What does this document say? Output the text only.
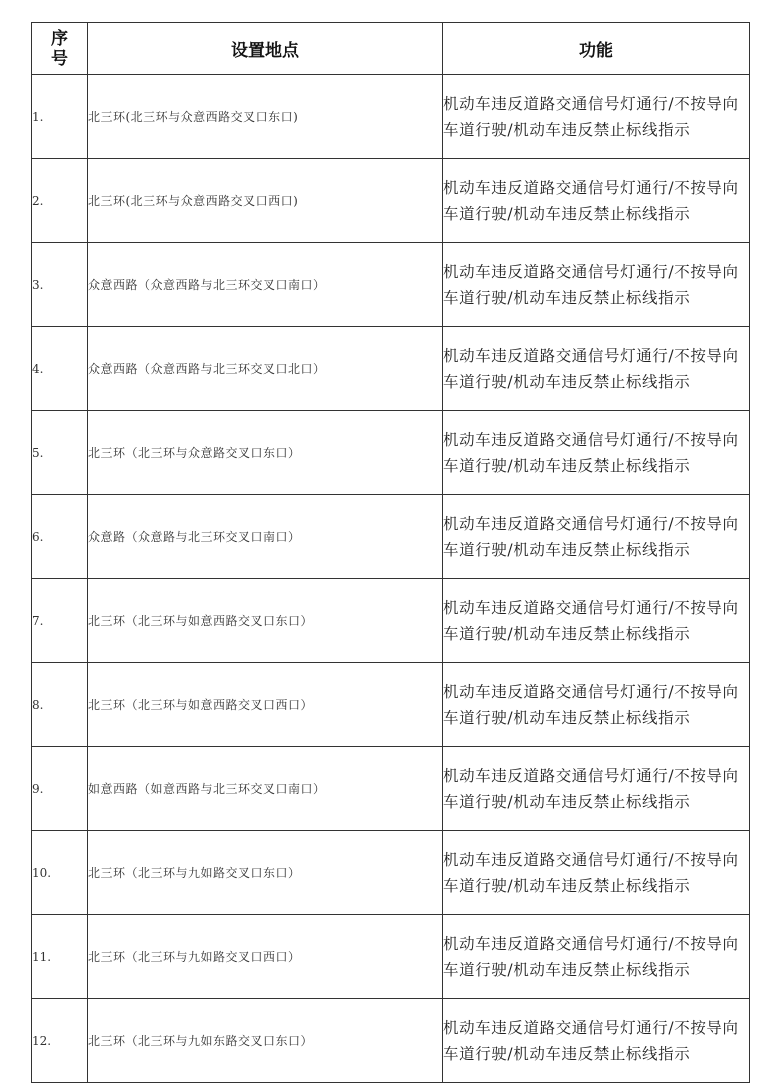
序号	设置地点	功能
1.	北三环(北三环与众意西路交叉口东口)	机动车违反道路交通信号灯通行/不按导向车道行驶/机动车违反禁止标线指示
2.	北三环(北三环与众意西路交叉口西口)	机动车违反道路交通信号灯通行/不按导向车道行驶/机动车违反禁止标线指示
3.	众意西路（众意西路与北三环交叉口南口）	机动车违反道路交通信号灯通行/不按导向车道行驶/机动车违反禁止标线指示
4.	众意西路（众意西路与北三环交叉口北口）	机动车违反道路交通信号灯通行/不按导向车道行驶/机动车违反禁止标线指示
5.	北三环（北三环与众意路交叉口东口）	机动车违反道路交通信号灯通行/不按导向车道行驶/机动车违反禁止标线指示
6.	众意路（众意路与北三环交叉口南口）	机动车违反道路交通信号灯通行/不按导向车道行驶/机动车违反禁止标线指示
7.	北三环（北三环与如意西路交叉口东口）	机动车违反道路交通信号灯通行/不按导向车道行驶/机动车违反禁止标线指示
8.	北三环（北三环与如意西路交叉口西口）	机动车违反道路交通信号灯通行/不按导向车道行驶/机动车违反禁止标线指示
9.	如意西路（如意西路与北三环交叉口南口）	机动车违反道路交通信号灯通行/不按导向车道行驶/机动车违反禁止标线指示
10.	北三环（北三环与九如路交叉口东口）	机动车违反道路交通信号灯通行/不按导向车道行驶/机动车违反禁止标线指示
11.	北三环（北三环与九如路交叉口西口）	机动车违反道路交通信号灯通行/不按导向车道行驶/机动车违反禁止标线指示
12.	北三环（北三环与九如东路交叉口东口）	机动车违反道路交通信号灯通行/不按导向车道行驶/机动车违反禁止标线指示
